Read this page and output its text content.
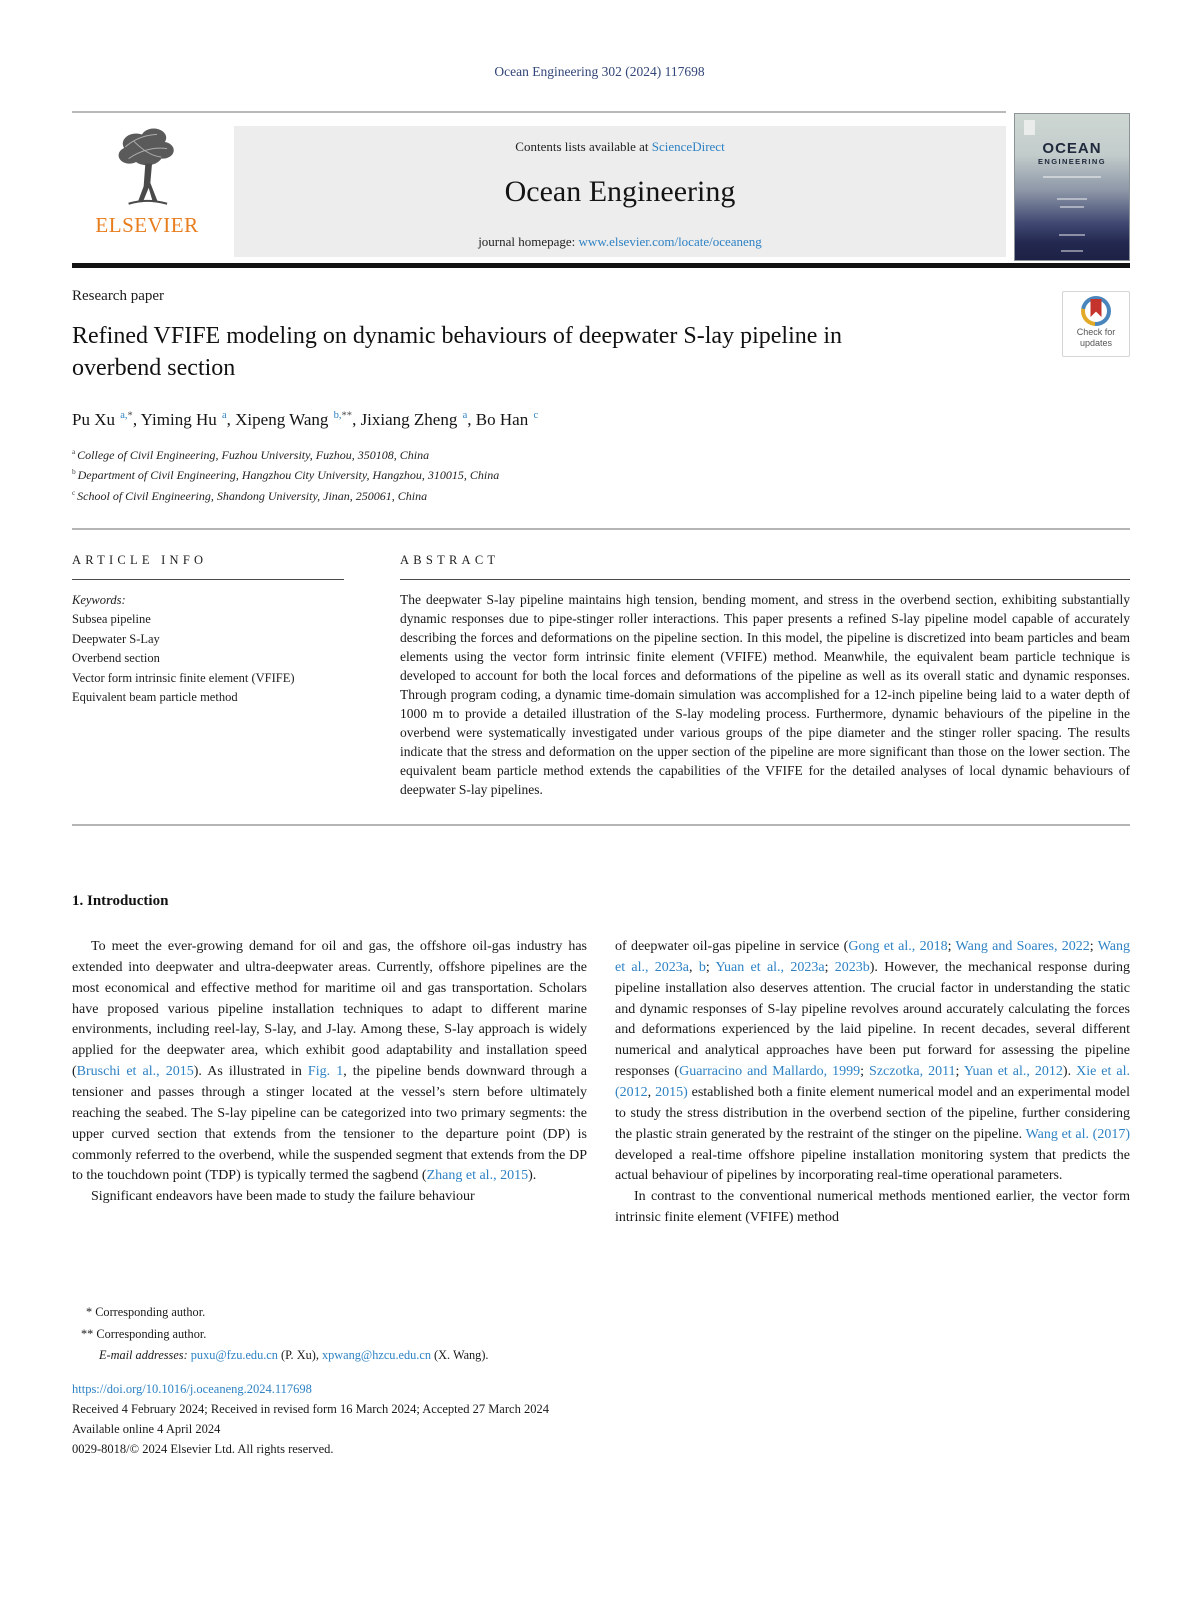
Ocean Engineering 302 (2024) 117698
ELSEVIER
Contents lists available at ScienceDirect
Ocean Engineering
journal homepage: www.elsevier.com/locate/oceaneng
OCEAN
ENGINEERING
Check for updates
Research paper
Refined VFIFE modeling on dynamic behaviours of deepwater S-lay pipeline in overbend section
Pu Xu $^{a,*}$, Yiming Hu $^a$, Xipeng Wang $^{b,**}$, Jixiang Zheng $^a$, Bo Han $^c$
$^a$ College of Civil Engineering, Fuzhou University, Fuzhou, 350108, China
$^b$ Department of Civil Engineering, Hangzhou City University, Hangzhou, 310015, China
$^c$ School of Civil Engineering, Shandong University, Jinan, 250061, China
ARTICLE INFO
Keywords:
Subsea pipeline
Deepwater S-Lay
Overbend section
Vector form intrinsic finite element (VFIFE)
Equivalent beam particle method
ABSTRACT

The deepwater S-lay pipeline maintains high tension, bending moment, and stress in the overbend section, exhibiting substantially dynamic responses due to pipe-stinger roller interactions. This paper presents a refined S-lay pipeline model capable of accurately describing the forces and deformations on the pipeline section. In this model, the pipeline is discretized into beam particles and beam elements using the vector form intrinsic finite element (VFIFE) method. Meanwhile, the equivalent beam particle technique is developed to account for both the local forces and deformations of the pipeline as well as its overall static and dynamic responses. Through program coding, a dynamic time-domain simulation was accomplished for a 12-inch pipeline being laid to a water depth of 1000 m to provide a detailed illustration of the S-lay modeling process. Furthermore, dynamic behaviours of the pipeline in the overbend were systematically investigated under various groups of the pipe diameter and the stinger roller spacing. The results indicate that the stress and deformation on the upper section of the pipeline are more significant than those on the lower section. The equivalent beam particle method extends the capabilities of the VFIFE for the detailed analyses of local dynamic behaviours of deepwater S-lay pipelines.

1. Introduction

To meet the ever-growing demand for oil and gas, the offshore oil-gas industry has extended into deepwater and ultra-deepwater areas. Currently, offshore pipelines are the most economical and effective method for maritime oil and gas transportation. Scholars have proposed various pipeline installation techniques to adapt to different marine environments, including reel-lay, S-lay, and J-lay. Among these, S-lay approach is widely applied for the deepwater area, which exhibit good adaptability and installation speed (Bruschi et al., 2015). As illustrated in Fig. 1, the pipeline bends downward through a tensioner and passes through a stinger located at the vessel’s stern before ultimately reaching the seabed. The S-lay pipeline can be categorized into two primary segments: the upper curved section that extends from the tensioner to the departure point (DP) is commonly referred to the overbend, while the suspended segment that extends from the DP to the touchdown point (TDP) is typically termed the sagbend (Zhang et al., 2015).

Significant endeavors have been made to study the failure behaviour

of deepwater oil-gas pipeline in service (Gong et al., 2018; Wang and Soares, 2022; Wang et al., 2023a, b; Yuan et al., 2023a; 2023b). However, the mechanical response during pipeline installation also deserves attention. The crucial factor in understanding the static and dynamic responses of S-lay pipeline revolves around accurately calculating the forces and deformations experienced by the laid pipeline. In recent decades, several different numerical and analytical approaches have been put forward for assessing the pipeline responses (Guarracino and Mallardo, 1999; Szczotka, 2011; Yuan et al., 2012). Xie et al. (2012, 2015) established both a finite element numerical model and an experimental model to study the stress distribution in the overbend section of the pipeline, further considering the plastic strain generated by the restraint of the stinger on the pipeline. Wang et al. (2017) developed a real-time offshore pipeline installation monitoring system that predicts the actual behaviour of pipelines by incorporating real-time operational parameters.

In contrast to the conventional numerical methods mentioned earlier, the vector form intrinsic finite element (VFIFE) method

* Corresponding author.
** Corresponding author.
E-mail addresses: puxu@fzu.edu.cn (P. Xu), xpwang@hzcu.edu.cn (X. Wang).
https://doi.org/10.1016/j.oceaneng.2024.117698
Received 4 February 2024; Received in revised form 16 March 2024; Accepted 27 March 2024
Available online 4 April 2024
0029-8018/© 2024 Elsevier Ltd. All rights reserved.
